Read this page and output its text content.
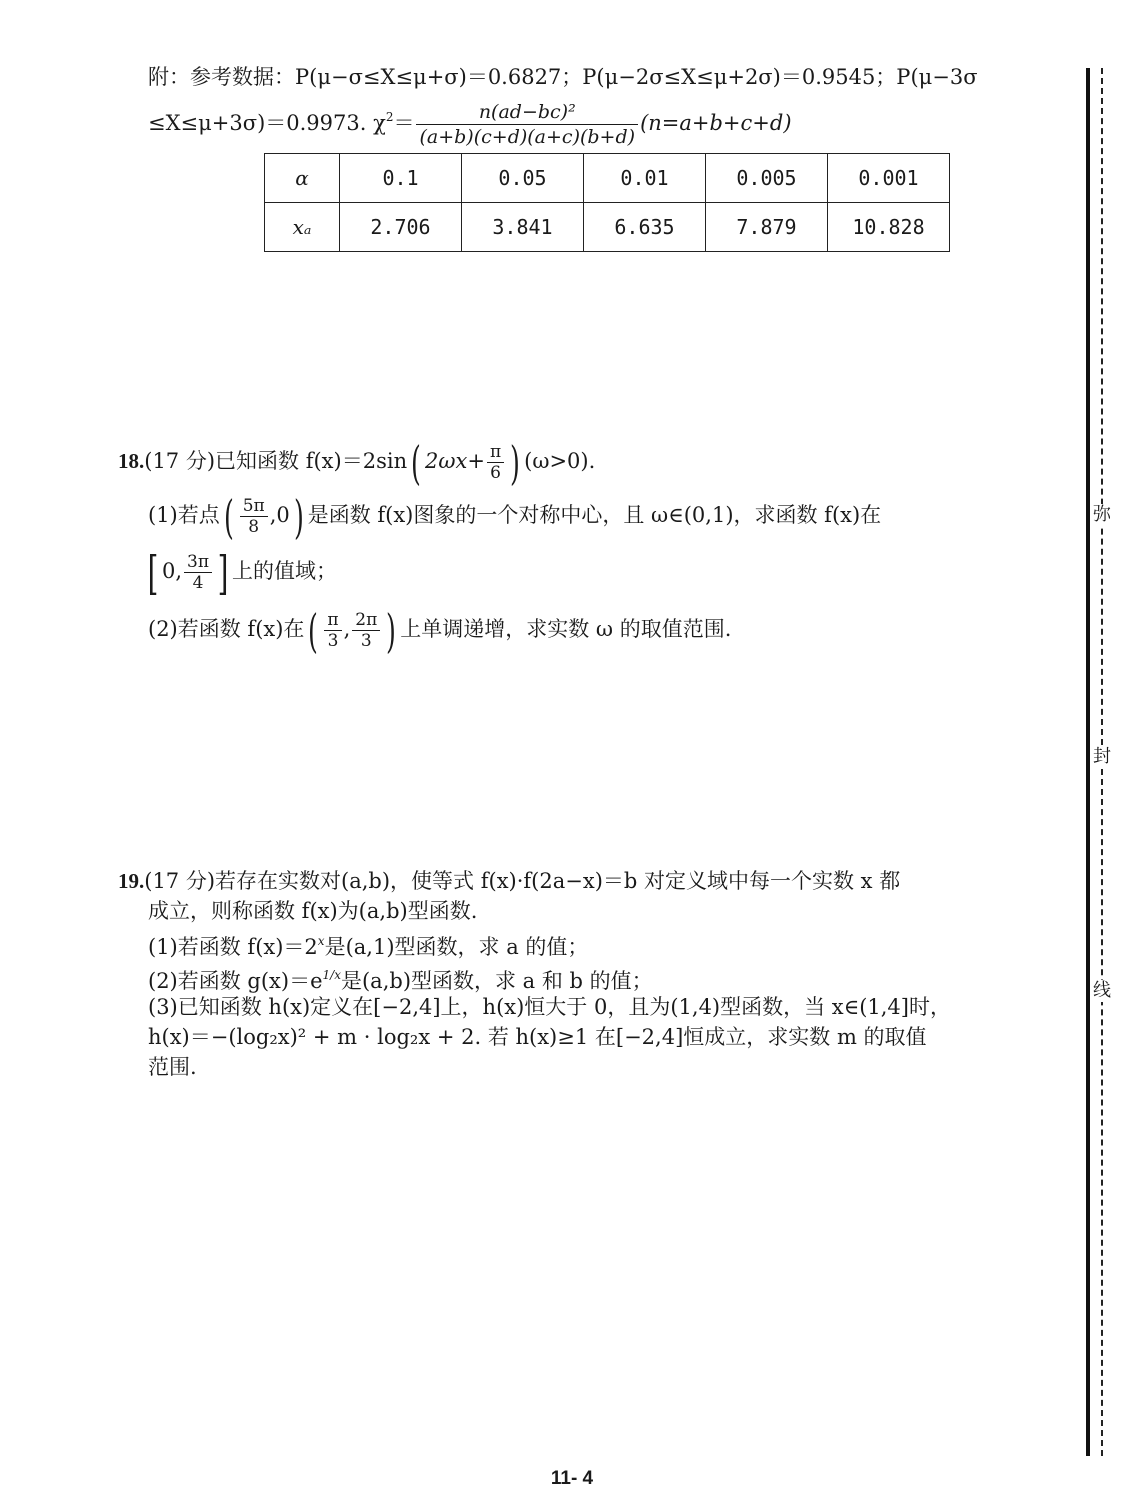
附：参考数据：P(μ−σ≤X≤μ+σ)＝0.6827；P(μ−2σ≤X≤μ+2σ)＝0.9545；P(μ−3σ
≤X≤μ+3σ)＝0.9973. $\chi^2= \frac{\text{n(ad−bc)²}}{(a+b)(c+d)(a+c)(b+d)} (n=a+b+c+d)$
α	0.1	0.05	0.01	0.005	0.001
xₐ	2.706	3.841	6.635	7.879	10.828
18.(17 分)已知函数 f(x)＝2sin( $2\omega x+ \frac{\pi}{6}$ ) (ω>0).
(1)若点( $\frac{5\pi}{8} ,0$) 是函数 f(x)图象的一个对称中心，且 ω∈(0,1)，求函数 f(x)在
[ 0, $\frac{3\pi}{4}$ ] 上的值域；
(2)若函数 f(x)在( $\frac{\pi}{3}$ , $\frac{2\pi}{3}$ ) 上单调递增，求实数 ω 的取值范围.
19.(17 分)若存在实数对(a,b)，使等式 f(x)·f(2a−x)＝b 对定义域中每一个实数 x 都
成立，则称函数 f(x)为(a,b)型函数.
(1)若函数 $f(x)=2^x$是(a,1)型函数，求 a 的值；
(2)若函数 $g(x)=e^{1/x}$是(a,b)型函数，求 a 和 b 的值；
(3)已知函数 h(x)定义在[−2,4]上，h(x)恒大于 0，且为(1,4)型函数，当 x∈(1,4]时，
h(x)＝−(log₂x)² + m · log₂x + 2. 若 h(x)≥1 在[−2,4]恒成立，求实数 m 的取值
范围.
弥
封
线
11- 4
